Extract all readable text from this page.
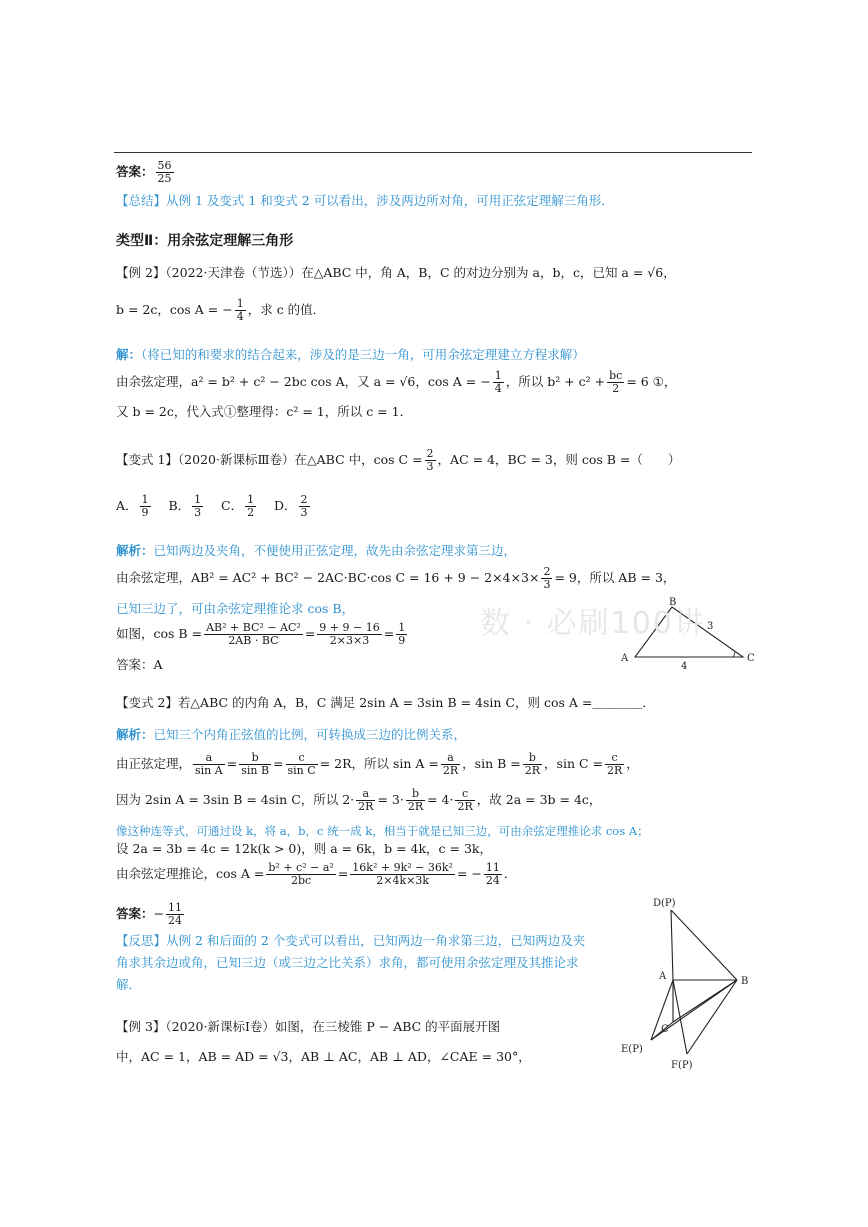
答案： $\frac{56}{25}$
【总结】从例 1 及变式 1 和变式 2 可以看出，涉及两边所对角，可用正弦定理解三角形．
类型Ⅱ：用余弦定理解三角形
【例 2】（2022·天津卷（节选））在△ABC 中，角 A，B，C 的对边分别为 a，b，c，已知 a = √6，
b = 2c，cos A = − $\frac{1}{4}$ ，求 c 的值．
解：（将已知的和要求的结合起来，涉及的是三边一角，可用余弦定理建立方程求解）
由余弦定理，a² = b² + c² − 2bc cos A，又 a = √6，cos A = − $\frac{1}{4}$ ，所以 $b^2 + c^2 + \frac{bc}{2} = 6$ ①，
又 b = 2c，代入式①整理得：c² = 1，所以 c = 1．
【变式 1】（2020·新课标Ⅲ卷）在△ABC 中，$\cos C = \frac{2}{3}$ ，AC = 4，BC = 3，则 cos B =（　　）
A． $\frac{1}{9}$ B． $\frac{1}{3}$ C． $\frac{1}{2}$ D． $\frac{2}{3}$
解析：已知两边及夹角，不便使用正弦定理，故先由余弦定理求第三边，
由余弦定理，AB² = AC² + BC² − 2AC·BC·cos $C = 16 + 9 - 2\times 4\times 3\times \frac{2}{3} = 9$，所以 AB = 3，
已知三边了，可由余弦定理推论求 cos B，
如图，$\cos B = \frac{\text{AB² + BC² − AC²}}{2AB \cdot BC} = \frac{9 + 9 - 16}{2\times 3\times 3} = \frac{1}{9}$
答案：A
B
A	C
3
4
【变式 2】若△ABC 的内角 A，B，C 满足 2sin A = 3sin B = 4sin C，则 cos A =＿＿＿＿．
解析：已知三个内角正弦值的比例，可转换成三边的比例关系，
由正弦定理， $\frac{a}{\text{sin A}} = \frac{b}{\text{sin B}} = \frac{c}{\text{sin C}} = 2R$，所以 $\sin A = \frac{a}{2R}$ ，$\sin B = \frac{b}{2R}$ ，$\sin C = \frac{c}{2R}$ ，
因为 2sin A = 3sin B = 4sin C，所以 $2\cdot \frac{a}{2R} = 3\cdot \frac{b}{2R} = 4\cdot \frac{c}{2R}$ ，故 2a = 3b = 4c，
像这种连等式，可通过设 k，将 a，b，c 统一成 k，相当于就是已知三边，可由余弦定理推论求 cos A；
设 2a = 3b = 4c = 12k(k > 0)，则 a = 6k，b = 4k，c = 3k，
由余弦定理推论，$\cos A = \frac{\text{b² + c² − a²}}{2bc} = \frac{\text{16k² + 9k² − 36k²}}{2\times 4k\times 3k}$ = − $\frac{11}{24}$ ．
答案：− $\frac{11}{24}$
【反思】从例 2 和后面的 2 个变式可以看出，已知两边一角求第三边，已知两边及夹
角求其余边或角，已知三边（或三边之比关系）求角，都可使用余弦定理及其推论求
解．
【例 3】（2020·新课标Ⅰ卷）如图，在三棱锥 P − ABC 的平面展开图
中，AC = 1，AB = AD = √3，AB ⊥ AC，AB ⊥ AD，∠CAE = 30°，
D(P)
A	B
C
E(P)
F(P)
数 · 必刷100讲
